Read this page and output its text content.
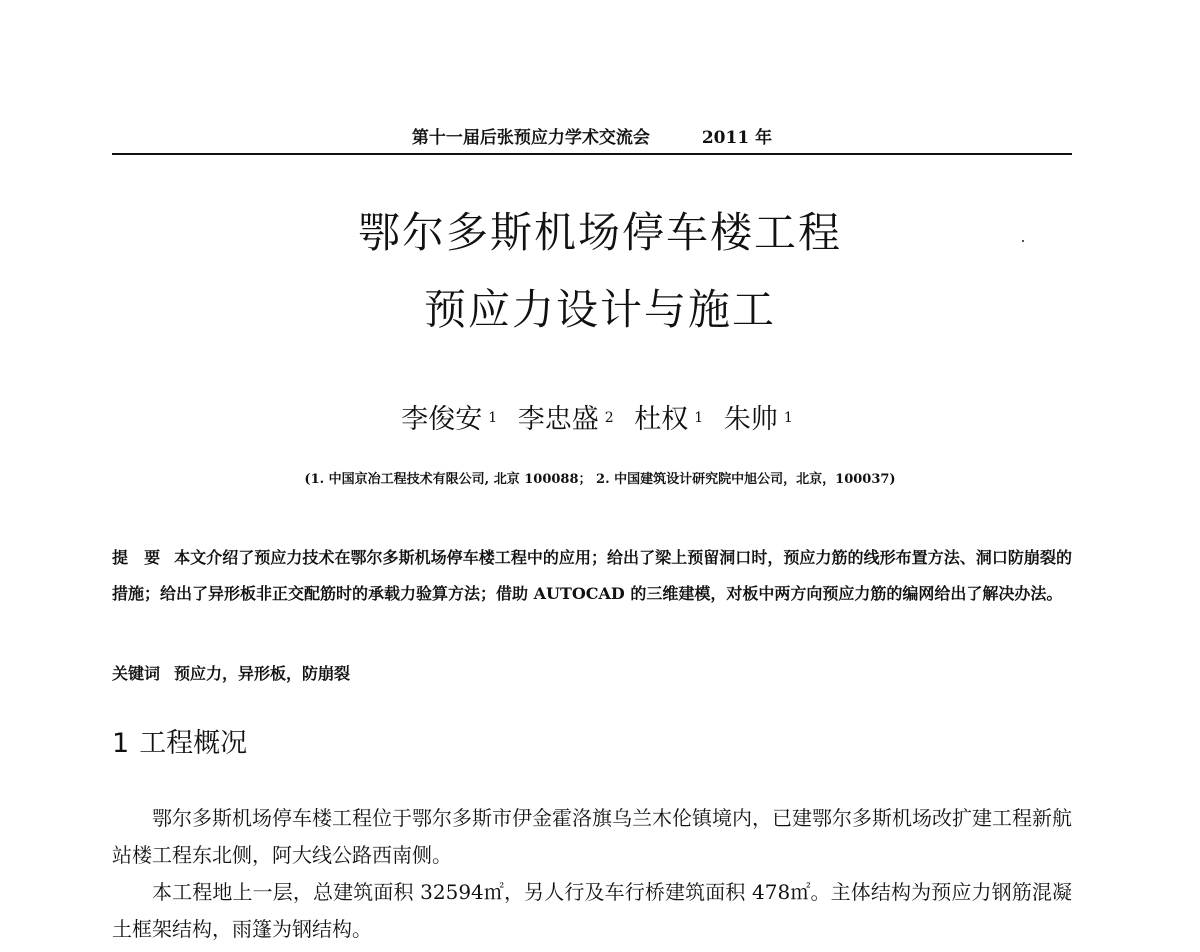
第十一届后张预应力学术交流会	2011 年
鄂尔多斯机场停车楼工程
预应力设计与施工
李俊安 $^1$ 李忠盛 $^2$ 杜权 $^1$ 朱帅 $^1$
(1. 中国京冶工程技术有限公司, 北京 100088； 2. 中国建筑设计研究院中旭公司，北京，100037)
提　要 本文介绍了预应力技术在鄂尔多斯机场停车楼工程中的应用；给出了梁上预留洞口时，预应力筋的线形布置方法、洞口防崩裂的措施；给出了异形板非正交配筋时的承载力验算方法；借助 AUTOCAD 的三维建模，对板中两方向预应力筋的编网给出了解决办法。
关键词 预应力，异形板，防崩裂
1 工程概况

鄂尔多斯机场停车楼工程位于鄂尔多斯市伊金霍洛旗乌兰木伦镇境内，已建鄂尔多斯机场改扩建工程新航站楼工程东北侧，阿大线公路西南侧。

本工程地上一层，总建筑面积 32594㎡，另人行及车行桥建筑面积 478㎡。主体结构为预应力钢筋混凝土框架结构，雨篷为钢结构。
